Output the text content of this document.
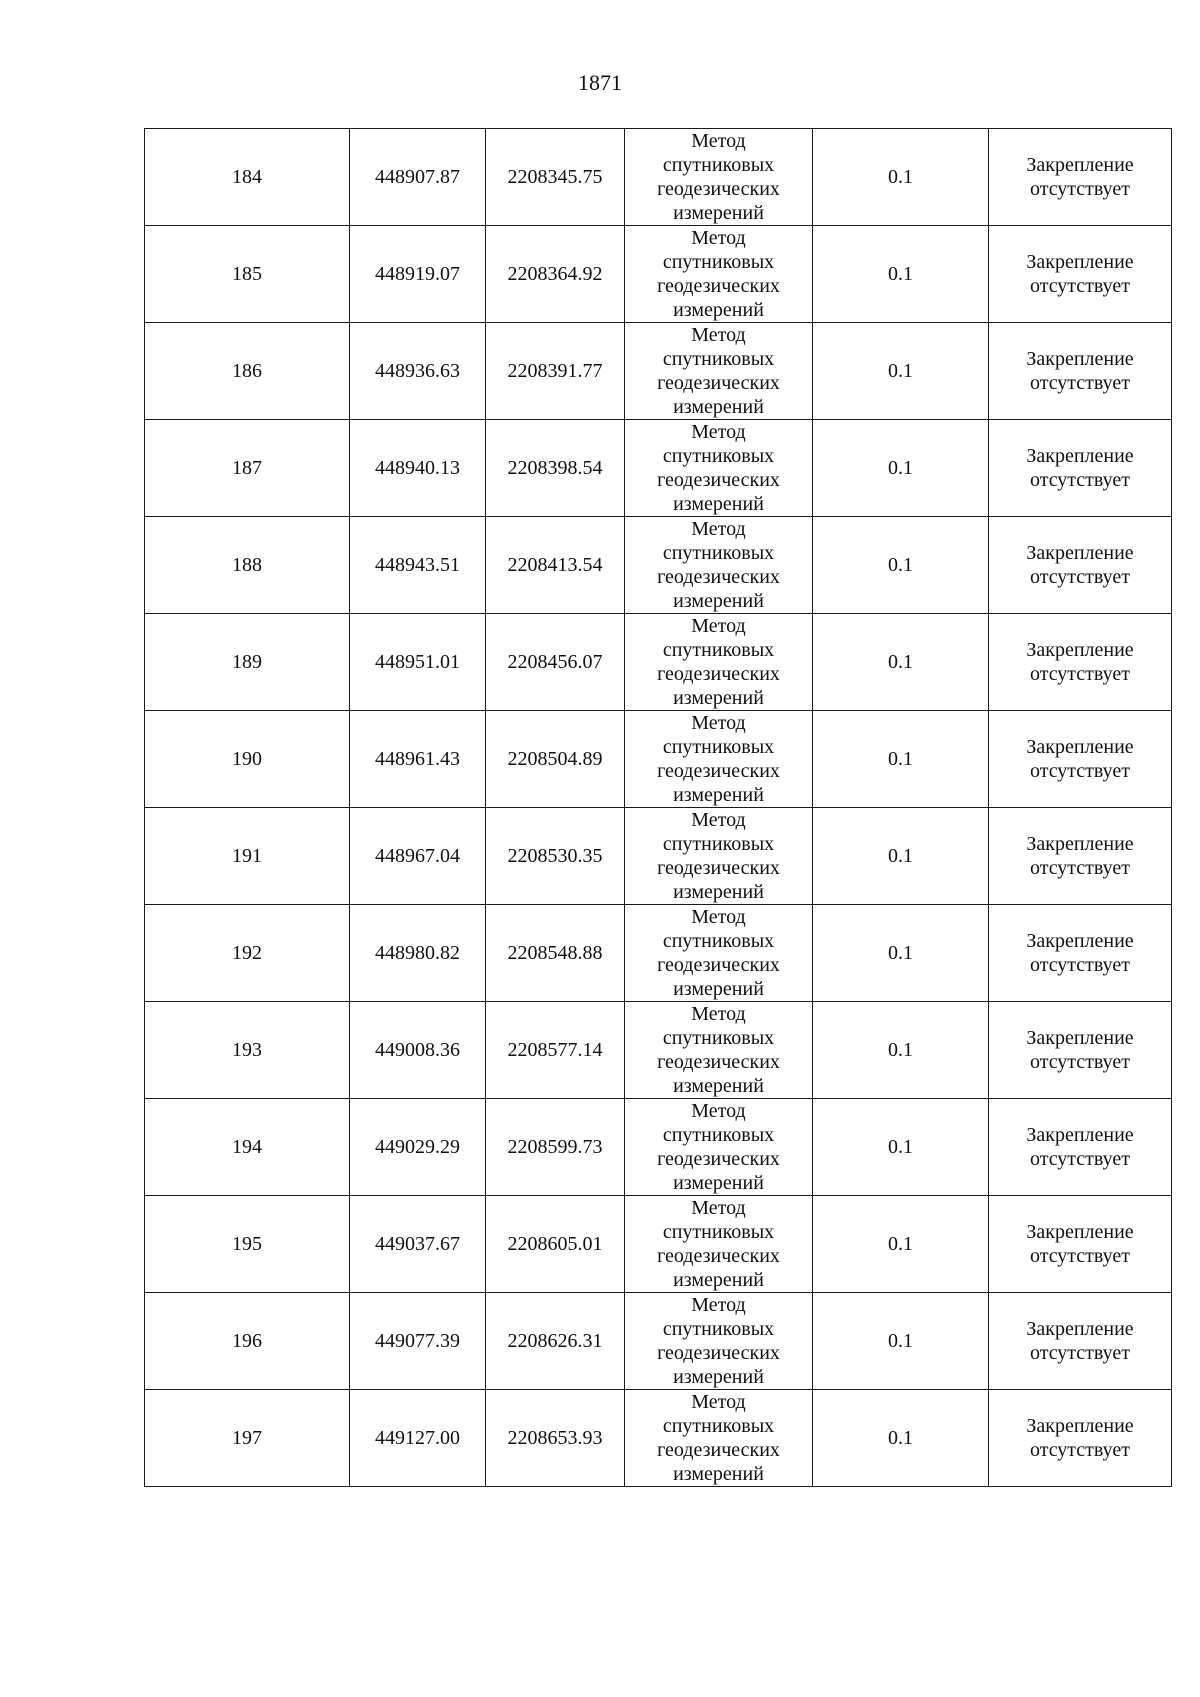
1871
184	448907.87	2208345.75	Метод
спутниковых
геодезических
измерений	0.1	Закрепление
отсутствует

185	448919.07	2208364.92	Метод
спутниковых
геодезических
измерений	0.1	Закрепление
отсутствует

186	448936.63	2208391.77	Метод
спутниковых
геодезических
измерений	0.1	Закрепление
отсутствует

187	448940.13	2208398.54	Метод
спутниковых
геодезических
измерений	0.1	Закрепление
отсутствует

188	448943.51	2208413.54	Метод
спутниковых
геодезических
измерений	0.1	Закрепление
отсутствует

189	448951.01	2208456.07	Метод
спутниковых
геодезических
измерений	0.1	Закрепление
отсутствует

190	448961.43	2208504.89	Метод
спутниковых
геодезических
измерений	0.1	Закрепление
отсутствует

191	448967.04	2208530.35	Метод
спутниковых
геодезических
измерений	0.1	Закрепление
отсутствует

192	448980.82	2208548.88	Метод
спутниковых
геодезических
измерений	0.1	Закрепление
отсутствует

193	449008.36	2208577.14	Метод
спутниковых
геодезических
измерений	0.1	Закрепление
отсутствует

194	449029.29	2208599.73	Метод
спутниковых
геодезических
измерений	0.1	Закрепление
отсутствует

195	449037.67	2208605.01	Метод
спутниковых
геодезических
измерений	0.1	Закрепление
отсутствует

196	449077.39	2208626.31	Метод
спутниковых
геодезических
измерений	0.1	Закрепление
отсутствует

197	449127.00	2208653.93	Метод
спутниковых
геодезических
измерений	0.1	Закрепление
отсутствует
